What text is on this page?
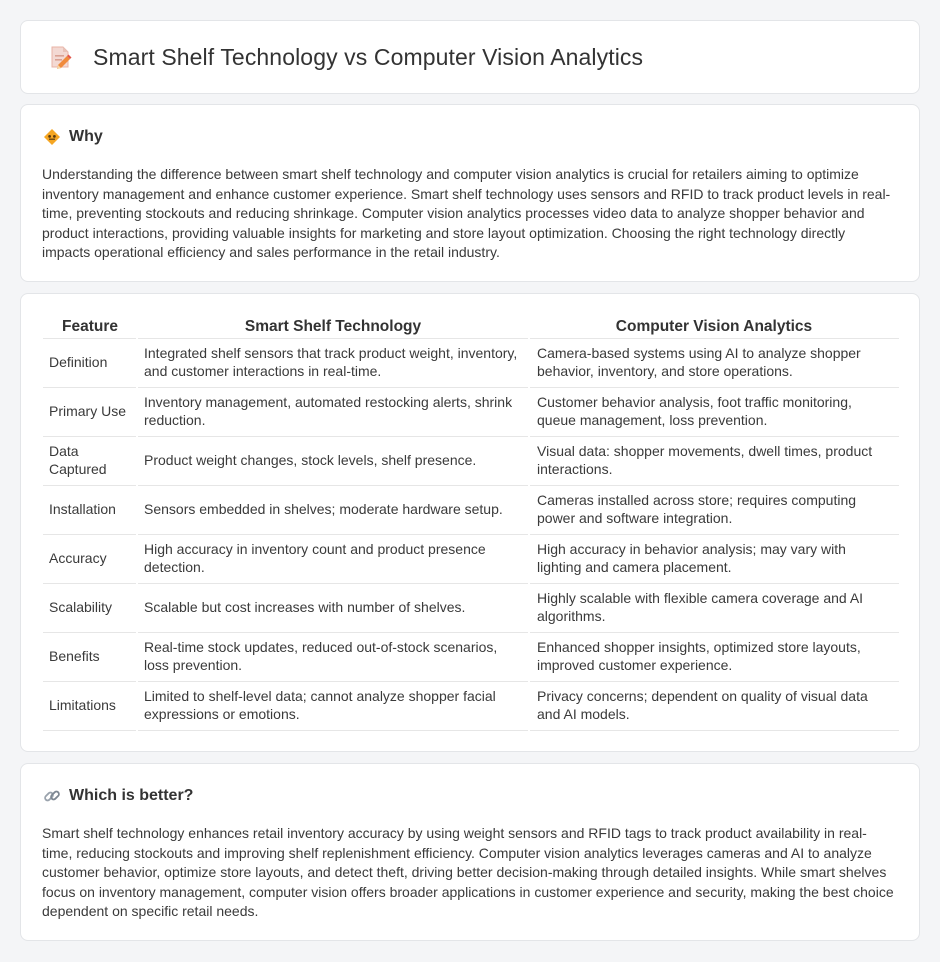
Smart Shelf Technology vs Computer Vision Analytics
Why

Understanding the difference between smart shelf technology and computer vision analytics is crucial for retailers aiming to optimize inventory management and enhance customer experience. Smart shelf technology uses sensors and RFID to track product levels in real-time, preventing stockouts and reducing shrinkage. Computer vision analytics processes video data to analyze shopper behavior and product interactions, providing valuable insights for marketing and store layout optimization. Choosing the right technology directly impacts operational efficiency and sales performance in the retail industry.

Feature	Smart Shelf Technology	Computer Vision Analytics
Definition	Integrated shelf sensors that track product weight, inventory, and customer interactions in real-time.	Camera-based systems using AI to analyze shopper behavior, inventory, and store operations.
Primary Use	Inventory management, automated restocking alerts, shrink reduction.	Customer behavior analysis, foot traffic monitoring, queue management, loss prevention.
Data Captured	Product weight changes, stock levels, shelf presence.	Visual data: shopper movements, dwell times, product interactions.
Installation	Sensors embedded in shelves; moderate hardware setup.	Cameras installed across store; requires computing power and software integration.
Accuracy	High accuracy in inventory count and product presence detection.	High accuracy in behavior analysis; may vary with lighting and camera placement.
Scalability	Scalable but cost increases with number of shelves.	Highly scalable with flexible camera coverage and AI algorithms.
Benefits	Real-time stock updates, reduced out-of-stock scenarios, loss prevention.	Enhanced shopper insights, optimized store layouts, improved customer experience.
Limitations	Limited to shelf-level data; cannot analyze shopper facial expressions or emotions.	Privacy concerns; dependent on quality of visual data and AI models.
Which is better?

Smart shelf technology enhances retail inventory accuracy by using weight sensors and RFID tags to track product availability in real-time, reducing stockouts and improving shelf replenishment efficiency. Computer vision analytics leverages cameras and AI to analyze customer behavior, optimize store layouts, and detect theft, driving better decision-making through detailed insights. While smart shelves focus on inventory management, computer vision offers broader applications in customer experience and security, making the best choice dependent on specific retail needs.
